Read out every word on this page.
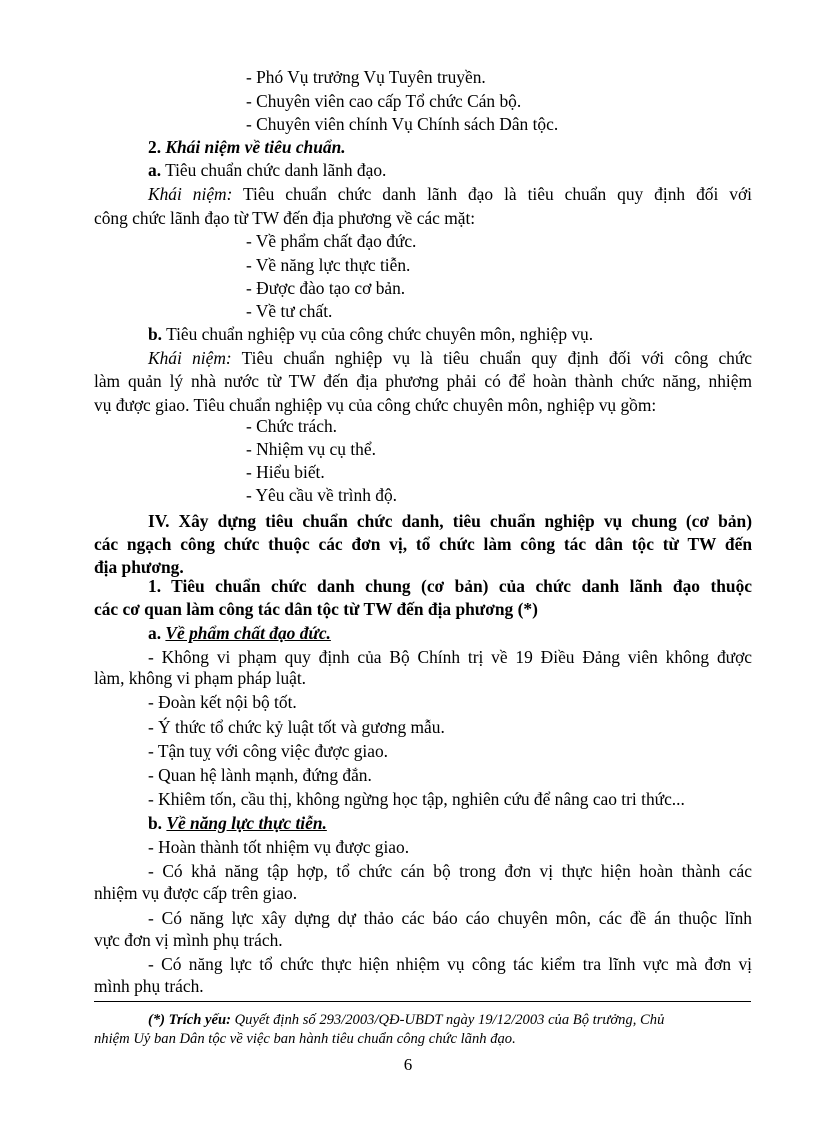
- Phó Vụ trưởng Vụ Tuyên truyền.
- Chuyên viên cao cấp Tổ chức Cán bộ.
- Chuyên viên chính Vụ Chính sách Dân tộc.
2. Khái niệm về tiêu chuẩn.
a. Tiêu chuẩn chức danh lãnh đạo.
Khái niệm: Tiêu chuẩn chức danh lãnh đạo là tiêu chuẩn quy định đối với
công chức lãnh đạo từ TW đến địa phương về các mặt:
- Về phẩm chất đạo đức.
- Về năng lực thực tiễn.
- Được đào tạo cơ bản.
- Về tư chất.
b. Tiêu chuẩn nghiệp vụ của công chức chuyên môn, nghiệp vụ.
Khái niệm: Tiêu chuẩn nghiệp vụ là tiêu chuẩn quy định đối với công chức
làm quản lý nhà nước từ TW đến địa phương phải có để hoàn thành chức năng, nhiệm
vụ được giao. Tiêu chuẩn nghiệp vụ của công chức chuyên môn, nghiệp vụ gồm:
- Chức trách.
- Nhiệm vụ cụ thể.
- Hiểu biết.
- Yêu cầu về trình độ.
IV. Xây dựng tiêu chuẩn chức danh, tiêu chuẩn nghiệp vụ chung (cơ bản)
các ngạch công chức thuộc các đơn vị, tổ chức làm công tác dân tộc từ TW đến
địa phương.
1. Tiêu chuẩn chức danh chung (cơ bản) của chức danh lãnh đạo thuộc
các cơ quan làm công tác dân tộc từ TW đến địa phương (*)
a. Về phẩm chất đạo đức.
- Không vi phạm quy định của Bộ Chính trị về 19 Điều Đảng viên không được
làm, không vi phạm pháp luật.
- Đoàn kết nội bộ tốt.
- Ý thức tổ chức kỷ luật tốt và gương mẫu.
- Tận tuỵ với công việc được giao.
- Quan hệ lành mạnh, đứng đắn.
- Khiêm tốn, cầu thị, không ngừng học tập, nghiên cứu để nâng cao tri thức...
b. Về năng lực thực tiễn.
- Hoàn thành tốt nhiệm vụ được giao.
- Có khả năng tập hợp, tổ chức cán bộ trong đơn vị thực hiện hoàn thành các
nhiệm vụ được cấp trên giao.
- Có năng lực xây dựng dự thảo các báo cáo chuyên môn, các đề án thuộc lĩnh
vực đơn vị mình phụ trách.
- Có năng lực tổ chức thực hiện nhiệm vụ công tác kiểm tra lĩnh vực mà đơn vị
mình phụ trách.
(*) Trích yếu: Quyết định số 293/2003/QĐ-UBDT ngày 19/12/2003 của Bộ trưởng, Chủ
nhiệm Uỷ ban Dân tộc về việc ban hành tiêu chuẩn công chức lãnh đạo.
6
